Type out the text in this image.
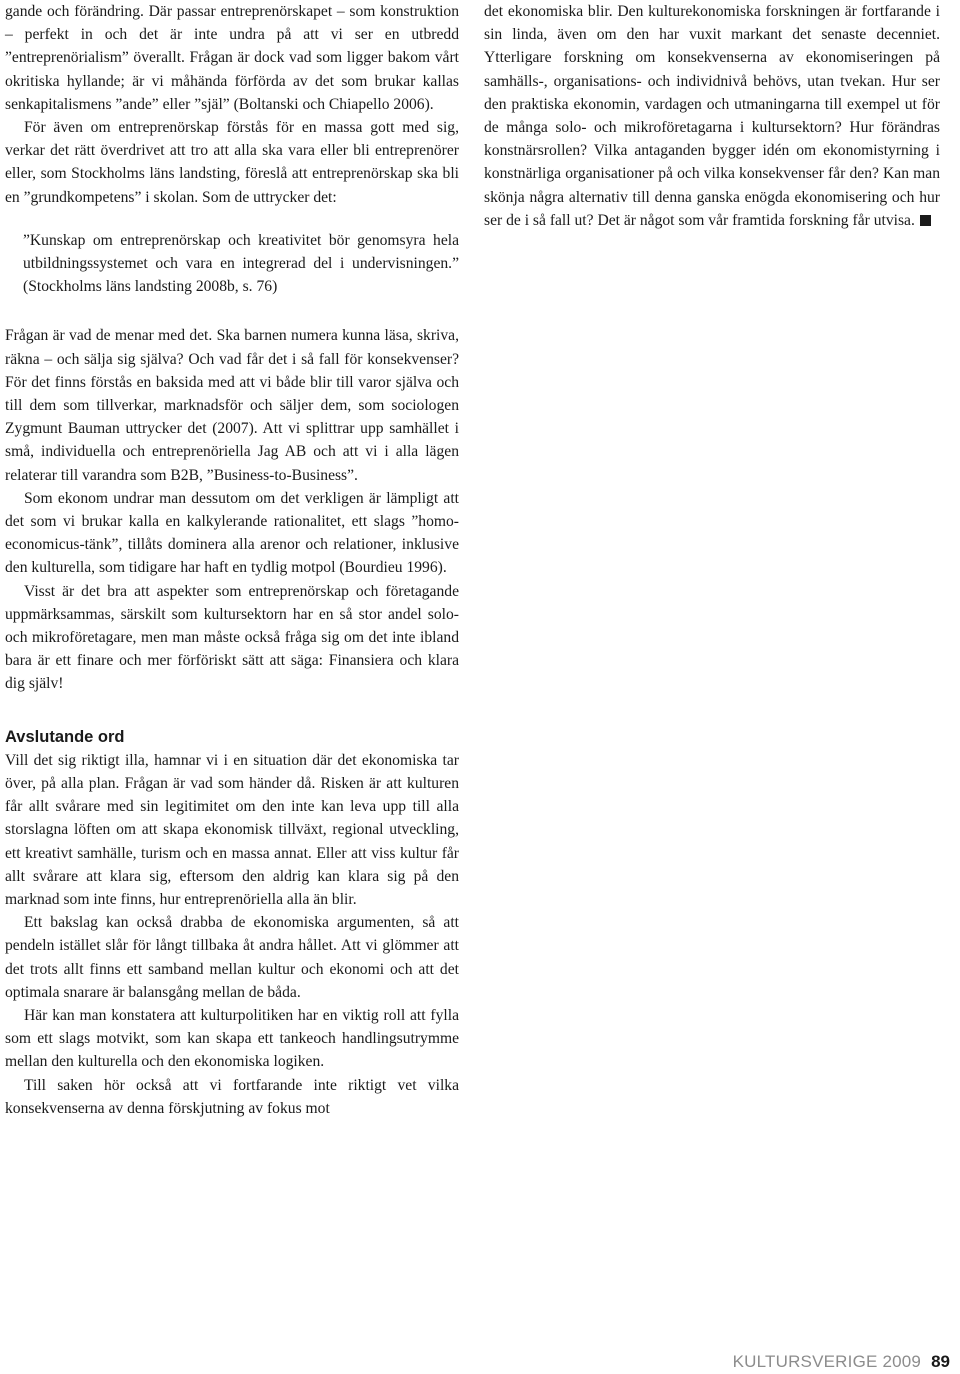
gande och förändring. Där passar entreprenörskapet – som konstruktion – perfekt in och det är inte undra på att vi ser en utbredd ”entreprenörialism” överallt. Frågan är dock vad som ligger bakom vårt okritiska hyllande; är vi måhända förförda av det som brukar kallas senkapitalismens ”ande” eller ”själ” (Boltanski och Chiapello 2006).

För även om entreprenörskap förstås för en massa gott med sig, verkar det rätt överdrivet att tro att alla ska vara eller bli entreprenörer eller, som Stockholms läns landsting, föreslå att entreprenörskap ska bli en ”grundkompetens” i skolan. Som de uttrycker det:

”Kunskap om entreprenörskap och kreativitet bör genomsyra hela utbildningssystemet och vara en integrerad del i undervisningen.” (Stockholms läns landsting 2008b, s. 76)

Frågan är vad de menar med det. Ska barnen numera kunna läsa, skriva, räkna – och sälja sig själva? Och vad får det i så fall för konsekvenser? För det finns förstås en baksida med att vi både blir till varor själva och till dem som tillverkar, marknadsför och säljer dem, som sociologen Zygmunt Bauman uttrycker det (2007). Att vi splittrar upp samhället i små, individuella och entreprenöriella Jag AB och att vi i alla lägen relaterar till varandra som B2B, ”Business-to-Business”.

Som ekonom undrar man dessutom om det verkligen är lämpligt att det som vi brukar kalla en kalkylerande rationalitet, ett slags ”homo-economicus-tänk”, tillåts dominera alla arenor och relationer, inklusive den kulturella, som tidigare har haft en tydlig motpol (Bourdieu 1996).

Visst är det bra att aspekter som entreprenörskap och företagande uppmärksammas, särskilt som kultursektorn har en så stor andel solo- och mikroföretagare, men man måste också fråga sig om det inte ibland bara är ett finare och mer förföriskt sätt att säga: Finansiera och klara dig själv!

Avslutande ord

Vill det sig riktigt illa, hamnar vi i en situation där det ekonomiska tar över, på alla plan. Frågan är vad som händer då. Risken är att kulturen får allt svårare med sin legitimitet om den inte kan leva upp till alla storslagna löften om att skapa ekonomisk tillväxt, regional utveckling, ett kreativt samhälle, turism och en massa annat. Eller att viss kultur får allt svårare att klara sig, eftersom den aldrig kan klara sig på den marknad som inte finns, hur entreprenöriella alla än blir.

Ett bakslag kan också drabba de ekonomiska argumenten, så att pendeln istället slår för långt tillbaka åt andra hållet. Att vi glömmer att det trots allt finns ett samband mellan kultur och ekonomi och att det optimala snarare är balansgång mellan de båda.

Här kan man konstatera att kulturpolitiken har en viktig roll att fylla som ett slags motvikt, som kan skapa ett tankeoch handlingsutrymme mellan den kulturella och den ekonomiska logiken.

Till saken hör också att vi fortfarande inte riktigt vet vilka konsekvenserna av denna förskjutning av fokus mot

det ekonomiska blir. Den kulturekonomiska forskningen är fortfarande i sin linda, även om den har vuxit markant det senaste decenniet. Ytterligare forskning om konsekvenserna av ekonomiseringen på samhälls-, organisations- och individnivå behövs, utan tvekan. Hur ser den praktiska ekonomin, vardagen och utmaningarna till exempel ut för de många solo- och mikroföretagarna i kultursektorn? Hur förändras konstnärsrollen? Vilka antaganden bygger idén om ekonomistyrning i konstnärliga organisationer på och vilka konsekvenser får den? Kan man skönja några alternativ till denna ganska enögda ekonomisering och hur ser de i så fall ut? Det är något som vår framtida forskning får utvisa.

KULTURSVERIGE 2009 89
